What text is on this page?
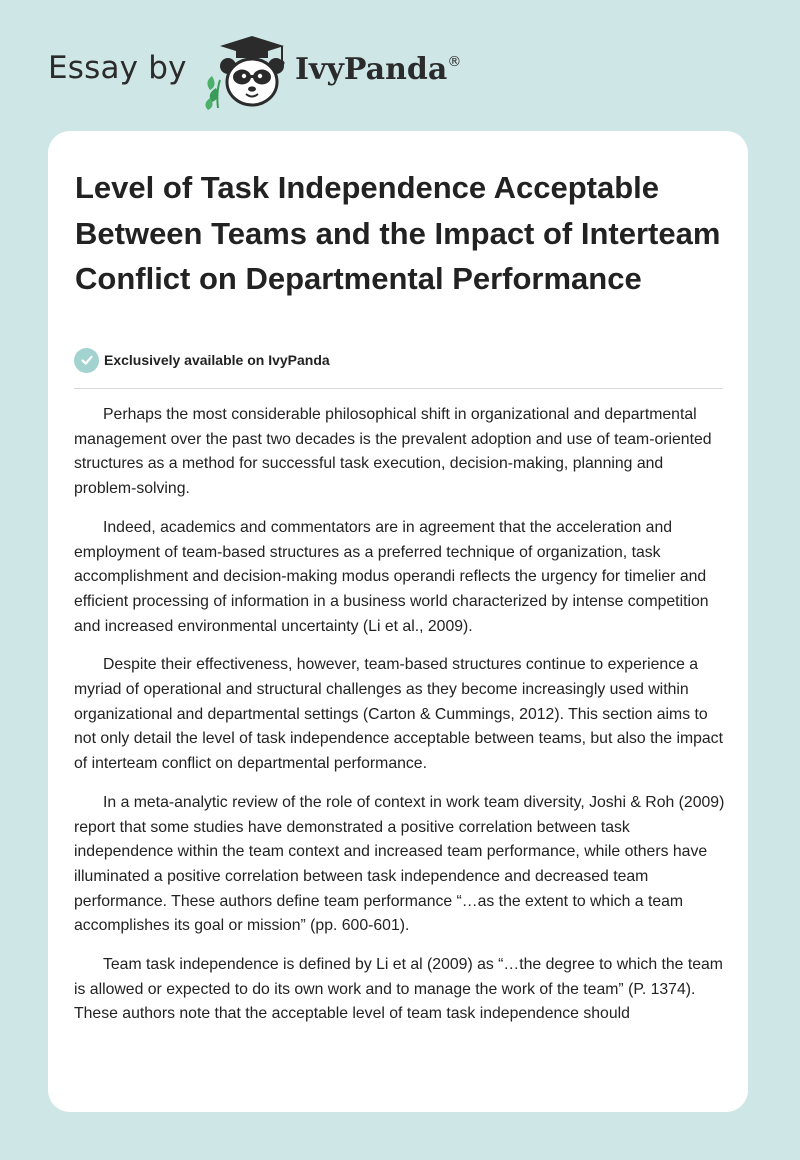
Essay by	IvyPanda®
Level of Task Independence Acceptable Between Teams and the Impact of Interteam Conflict on Departmental Performance
Exclusively available on IvyPanda

Perhaps the most considerable philosophical shift in organizational and departmental management over the past two decades is the prevalent adoption and use of team-oriented structures as a method for successful task execution, decision-making, planning and problem-solving.

Indeed, academics and commentators are in agreement that the acceleration and employment of team-based structures as a preferred technique of organization, task accomplishment and decision-making modus operandi reflects the urgency for timelier and efficient processing of information in a business world characterized by intense competition and increased environmental uncertainty (Li et al., 2009).

Despite their effectiveness, however, team-based structures continue to experience a myriad of operational and structural challenges as they become increasingly used within organizational and departmental settings (Carton & Cummings, 2012). This section aims to not only detail the level of task independence acceptable between teams, but also the impact of interteam conflict on departmental performance.

In a meta-analytic review of the role of context in work team diversity, Joshi & Roh (2009) report that some studies have demonstrated a positive correlation between task independence within the team context and increased team performance, while others have illuminated a positive correlation between task independence and decreased team performance. These authors define team performance “…as the extent to which a team accomplishes its goal or mission” (pp. 600-601).

Team task independence is defined by Li et al (2009) as “…the degree to which the team is allowed or expected to do its own work and to manage the work of the team” (P. 1374). These authors note that the acceptable level of team task independence should
